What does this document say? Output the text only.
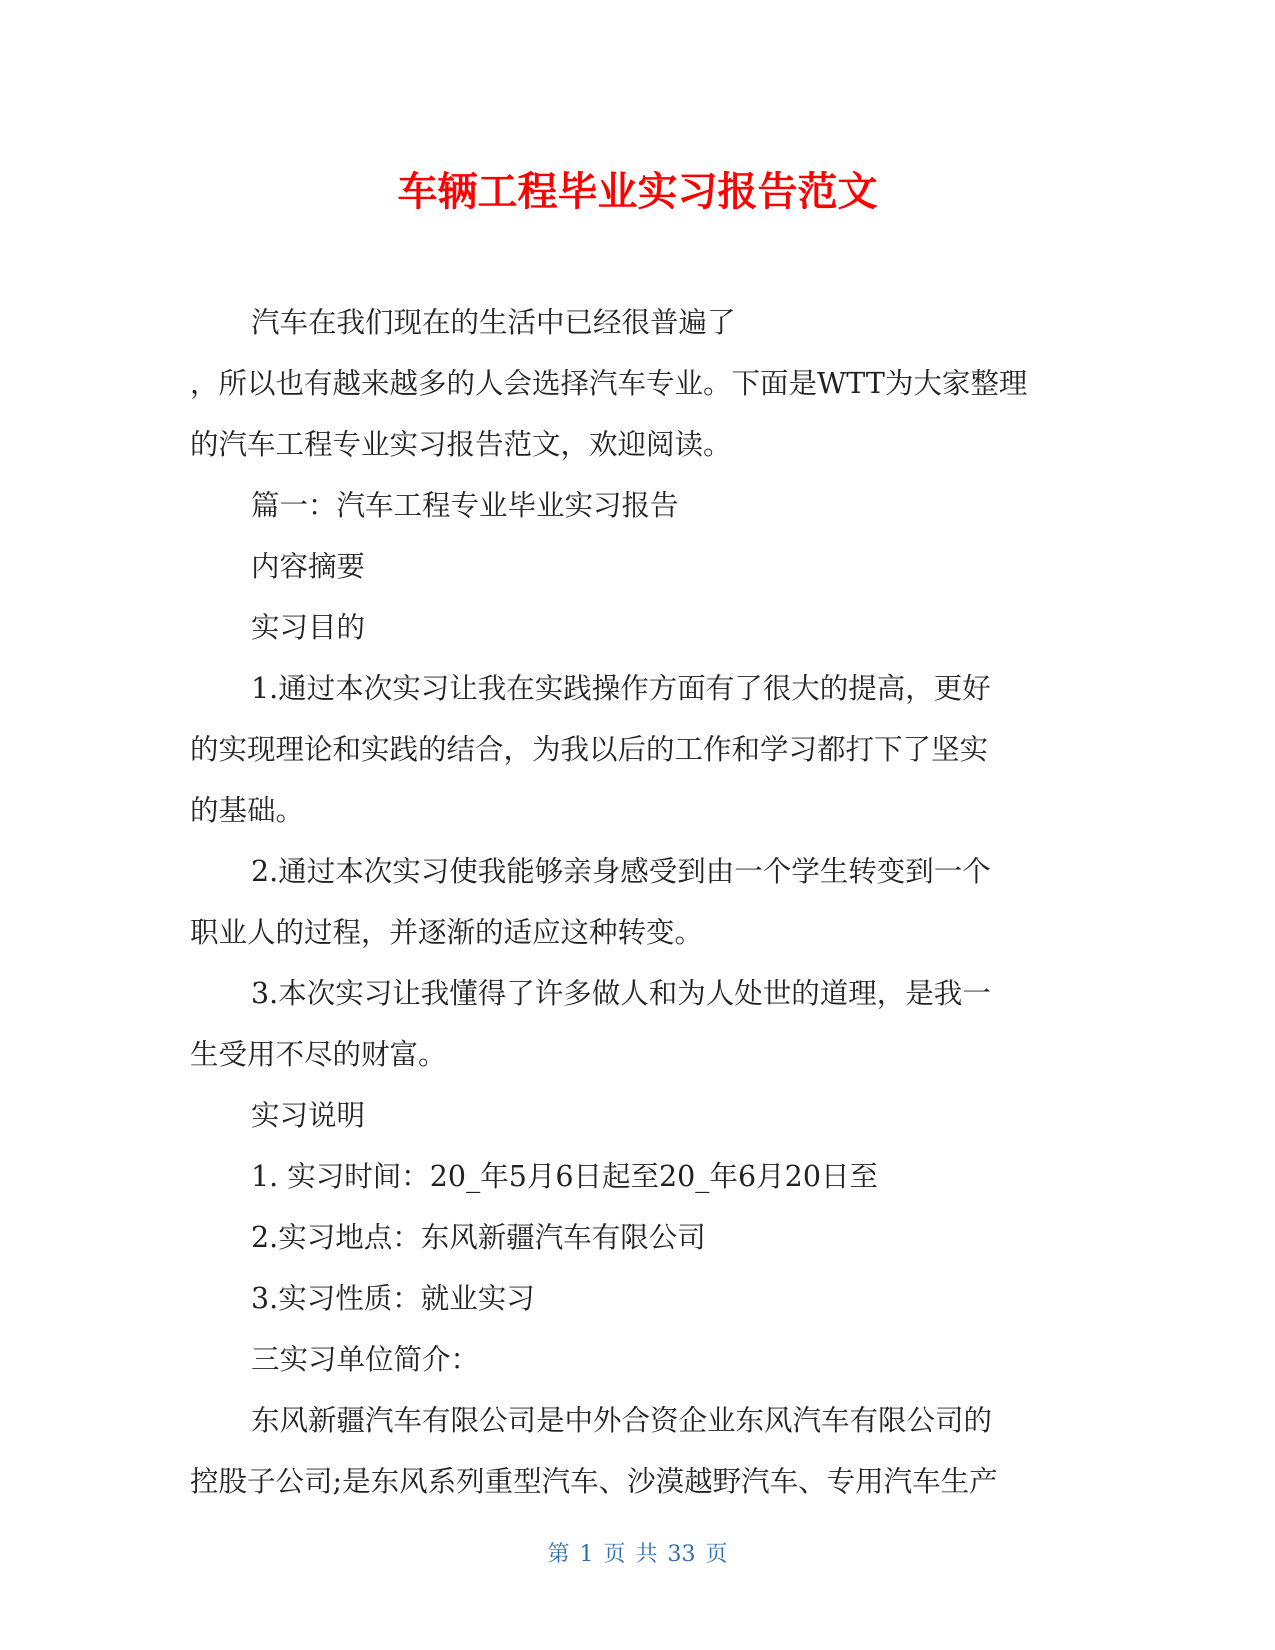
车辆工程毕业实习报告范文
汽车在我们现在的生活中已经很普遍了
，所以也有越来越多的人会选择汽车专业。下面是WTT为大家整理
的汽车工程专业实习报告范文，欢迎阅读。
篇一：汽车工程专业毕业实习报告
内容摘要
实习目的
1.通过本次实习让我在实践操作方面有了很大的提高，更好
的实现理论和实践的结合，为我以后的工作和学习都打下了坚实
的基础。
2.通过本次实习使我能够亲身感受到由一个学生转变到一个
职业人的过程，并逐渐的适应这种转变。
3.本次实习让我懂得了许多做人和为人处世的道理，是我一
生受用不尽的财富。
实习说明
1. 实习时间：20_年5月6日起至20_年6月20日至
2.实习地点：东风新疆汽车有限公司
3.实习性质：就业实习
三实习单位简介：
东风新疆汽车有限公司是中外合资企业东风汽车有限公司的
控股子公司;是东风系列重型汽车、沙漠越野汽车、专用汽车生产
第 1 页 共 33 页
